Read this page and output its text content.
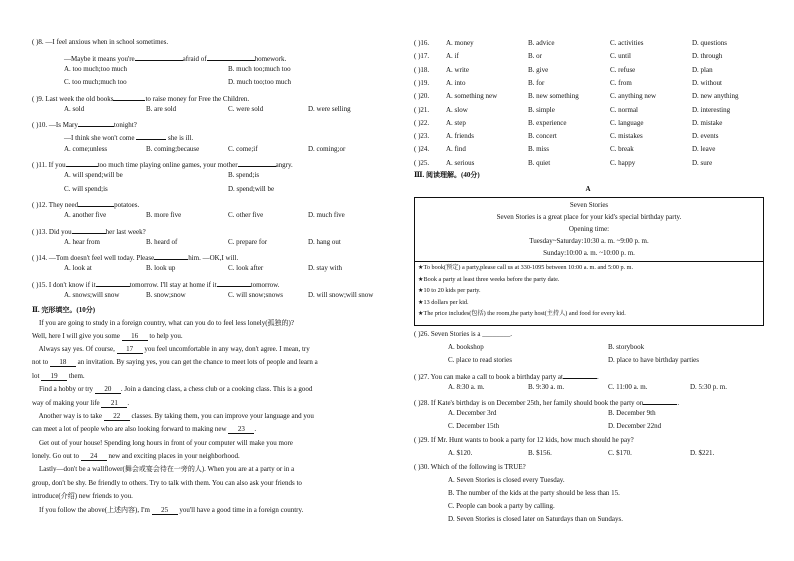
( )8. —I feel anxious when in school sometimes.
—Maybe it means you're	afraid of	homework.
A. too much;too much	B. much too;much too
C. too much;much too	D. much too;too much
( )9. Last week the old books	to raise money for Free the Children.
A. sold	B. are sold	C. were sold	D. were selling
( )10. —Is Mary	tonight?
—I think she won't come	she is ill.
A. come;unless	B. coming;because	C. come;if	D. coming;or
( )11. If you	too much time playing online games, your mother	angry.
A. will spend;will be	B. spend;is
C. will spend;is	D. spend;will be
( )12. They need	potatoes.
A. another five	B. more five	C. other five	D. much five
( )13. Did you	her last week?
A. hear from	B. heard of	C. prepare for	D. hang out
( )14. —Tom doesn't feel well today. Please	him. —OK,I will.
A. look at	B. look up	C. look after	D. stay with
( )15. I don't know if it	tomorrow. I'll stay at home if it	tomorrow.
A. snows;will snow	B. snow;snow	C. will snow;snows	D. will snow;will snow
Ⅱ. 完形填空。(10分)
If you are going to study in a foreign country, what can you do to feel less lonely(孤独的)?
Well, here I will give you some 16 to help you.
Always say yes. Of course, 17 you feel uncomfortable in any way, don't agree. I mean, try
not to 18 an invitation. By saying yes, you can get the chance to meet lots of people and learn a
lot 19 them.
Find a hobby or try 20 . Join a dancing class, a chess club or a cooking class. This is a good
way of making your life 21 .
Another way is to take 22 classes. By taking them, you can improve your language and you
can meet a lot of people who are also looking forward to making new 23 .
Get out of your house! Spending long hours in front of your computer will make you more
lonely. Go out to 24 new and exciting places in your neighborhood.
Lastly—don't be a wallflower(舞会或宴会待在一旁的人). When you are at a party or in a
group, don't be shy. Be friendly to others. Try to talk with them. You can also ask your friends to
introduce(介绍) new friends to you.
If you follow the above(上述内容), I'm 25 you'll have a good time in a foreign country.
( )16. A. money	B. advice	C. activities	D. questions
( )17. A. if	B. or	C. until	D. through
( )18. A. write	B. give	C. refuse	D. plan
( )19. A. into	B. for	C. from	D. without
( )20. A. something new	B. new something	C. anything new	D. new anything
( )21. A. slow	B. simple	C. normal	D. interesting
( )22. A. step	B. experience	C. language	D. mistake
( )23. A. friends	B. concert	C. mistakes	D. events
( )24. A. find	B. miss	C. break	D. leave
( )25. A. serious	B. quiet	C. happy	D. sure
Ⅲ. 阅读理解。(40分)
A
Seven Stories
Seven Stories is a great place for your kid's special birthday party.
Opening time:
Tuesday~Saturday:10:30 a. m. ~9:00 p. m.
Sunday:10:00 a. m. ~10:00 p. m.
★To book(预定) a party,please call us at 330-1095 between 10:00 a. m. and 5:00 p. m.
★Book a party at least three weeks before the party date.
★10 to 20 kids per party.
★13 dollars per kid.
★The price includes(包括) the room,the party host(主持人) and food for every kid.
( )26. Seven Stories is a ________.
A. bookshop	B. storybook
C. place to read stories	D. place to have birthday parties
( )27. You can make a call to book a birthday party at	.
A. 8:30 a. m.	B. 9:30 a. m.	C. 11:00 a. m.	D. 5:30 p. m.
( )28. If Kate's birthday is on December 25th, her family should book the party on	.
A. December 3rd	B. December 9th
C. December 15th	D. December 22nd
( )29. If Mr. Hunt wants to book a party for 12 kids, how much should he pay?
A. $120.	B. $156.	C. $170.	D. $221.
( )30. Which of the following is TRUE?
A. Seven Stories is closed every Tuesday.
B. The number of the kids at the party should be less than 15.
C. People can book a party by calling.
D. Seven Stories is closed later on Saturdays than on Sundays.
